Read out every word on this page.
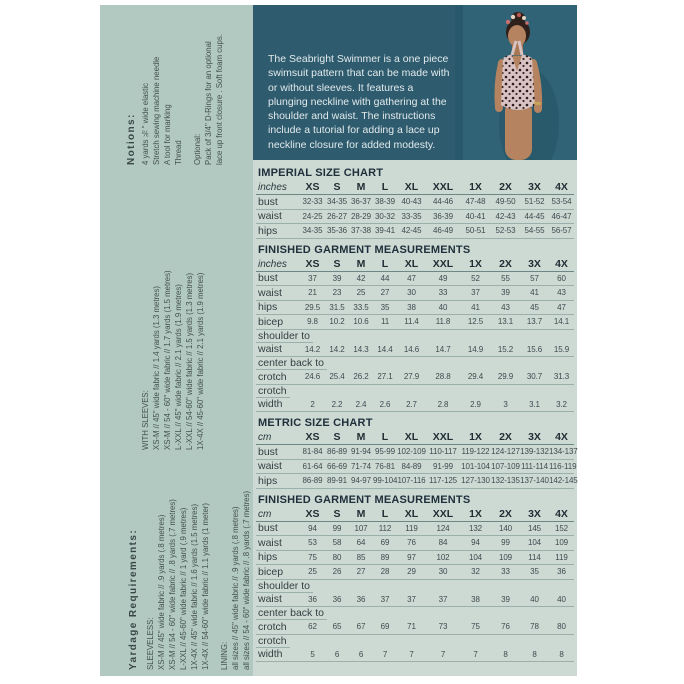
Notions: 4 yards ⅜" wide elastic Stretch sewing machine needle A tool for marking Thread Optional: Pack of 3/4" D-Rings for an optional lace up front closure . Soft foam cups.
WITH SLEEVES: XS-M // 45" wide fabric // 1.4 yards (1.3 metres) XS-M // 54 - 60" wide fabric // 1.7 yards (1.5 metres) L-XXL // 45" wide fabric // 2.1 yards (1.9 metres) L-XXL // 54-60" wide fabric // 1.5 yards (1.3 metres) 1X-4X // 45-60" wide fabric // 2.1 yards (1.9 metres)
Yardage Requirements: SLEEVELESS: XS-M // 45" wide fabric // .9 yards (.8 metres) XS-M // 54 - 60" wide fabric // .8 yards (.7 metres) L-XXL // 45-60" wide fabric // 1 yard (.9 metres) 1X-4X // 45" wide fabric // 1.6 yards (1.5 metres) 1X-4X // 54-60" wide fabric // 1.1 yards (1 meter) LINING: all sizes // 45" wide fabric // .9 yards (.8 metres) all sizes // 54 - 60" wide fabric // .8 yards (.7 metres)

The Seabright Swimmer is a one piece swimsuit pattern that can be made with or without sleeves. It features a plunging neckline with gathering at the shoulder and waist. The instructions include a tutorial for adding a lace up neckline closure for added modesty.

IMPERIAL SIZE CHART
inches	XS	S	M	L	XL	XXL	1X	2X	3X	4X
bust	32-33 34-35 36-37 38-39 40-43	44-46	47-48	49-50	51-52 53-54
waist	24-25 26-27 28-29 30-32 33-35	36-39	40-41	42-43	44-45 46-47
hips	34-35 35-36 37-38 39-41 42-45	46-49	50-51	52-53	54-55 56-57
FINISHED GARMENT MEASUREMENTS
inches	XS	S	M	L	XL	XXL	1X	2X	3X	4X
bust	37	39	42	44	47	49	52	55	57	60
waist	21	23	25	27	30	33	37	39	41	43
hips	29.5	31.5	33.5	35	38	40	41	43	45	47
bicep	9.8	10.2	10.6	11	11.4	11.8	12.5	13.1	13.7	14.1
shoulder to
waist	14.2	14.2	14.3	14.4	14.6	14.7	14.9	15.2	15.6	15.9
center back to
crotch	24.6	25.4	26.2	27.1	27.9	28.8	29.4	29.9	30.7	31.3
crotch
width	2	2.2	2.4	2.6	2.7	2.8	2.9	3	3.1	3.2
METRIC SIZE CHART
cm	XS	S	M	L	XL	XXL	1X	2X	3X	4X
bust	81-84 86-89 91-94 95-99 102-109 110-117 119-122 124-127 139-132 134-137
waist	61-64 66-69 71-74 76-81 84-89	91-99	101-104 107-109 111-114 116-119
hips	86-89 89-91 94-97 99-104 107-116 117-125 127-130 132-135 137-140 142-145
FINISHED GARMENT MEASUREMENTS
cm	XS	S	M	L	XL	XXL	1X	2X	3X	4X
bust	94	99	107	112	119	124	132	140	145	152
waist	53	58	64	69	76	84	94	99	104	109
hips	75	80	85	89	97	102	104	109	114	119
bicep	25	26	27	28	29	30	32	33	35	36
shoulder to
waist	36	36	36	37	37	37	38	39	40	40
center back to
crotch	62	65	67	69	71	73	75	76	78	80
crotch
width	5	6	6	7	7	7	7	8	8	8
